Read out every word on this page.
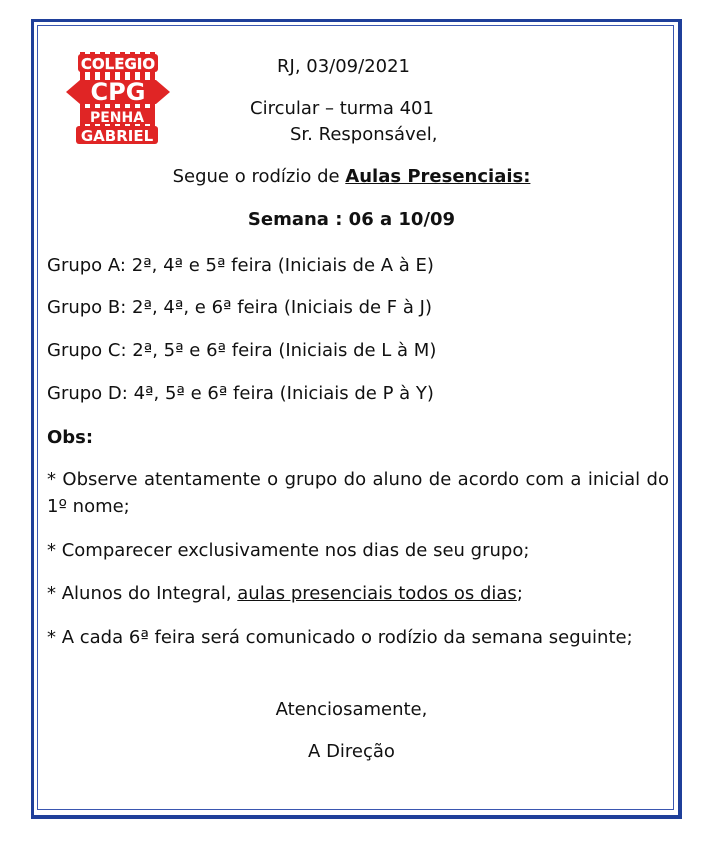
COLEGIO
CPG
PENHA
GABRIEL
RJ, 03/09/2021
Circular – turma 401
Sr. Responsável,
Segue o rodízio de Aulas Presenciais:
Semana : 06 a 10/09
Grupo A: 2ª, 4ª e 5ª feira (Iniciais de A à E)
Grupo B: 2ª, 4ª, e 6ª feira (Iniciais de F à J)
Grupo C: 2ª, 5ª e 6ª feira (Iniciais de L à M)
Grupo D: 4ª, 5ª e 6ª feira (Iniciais de P à Y)
Obs:
* Observe atentamente o grupo do aluno de acordo com a inicial do 1º nome;
* Comparecer exclusivamente nos dias de seu grupo;
* Alunos do Integral, aulas presenciais todos os dias;
* A cada 6ª feira será comunicado o rodízio da semana seguinte;
Atenciosamente,
A Direção
